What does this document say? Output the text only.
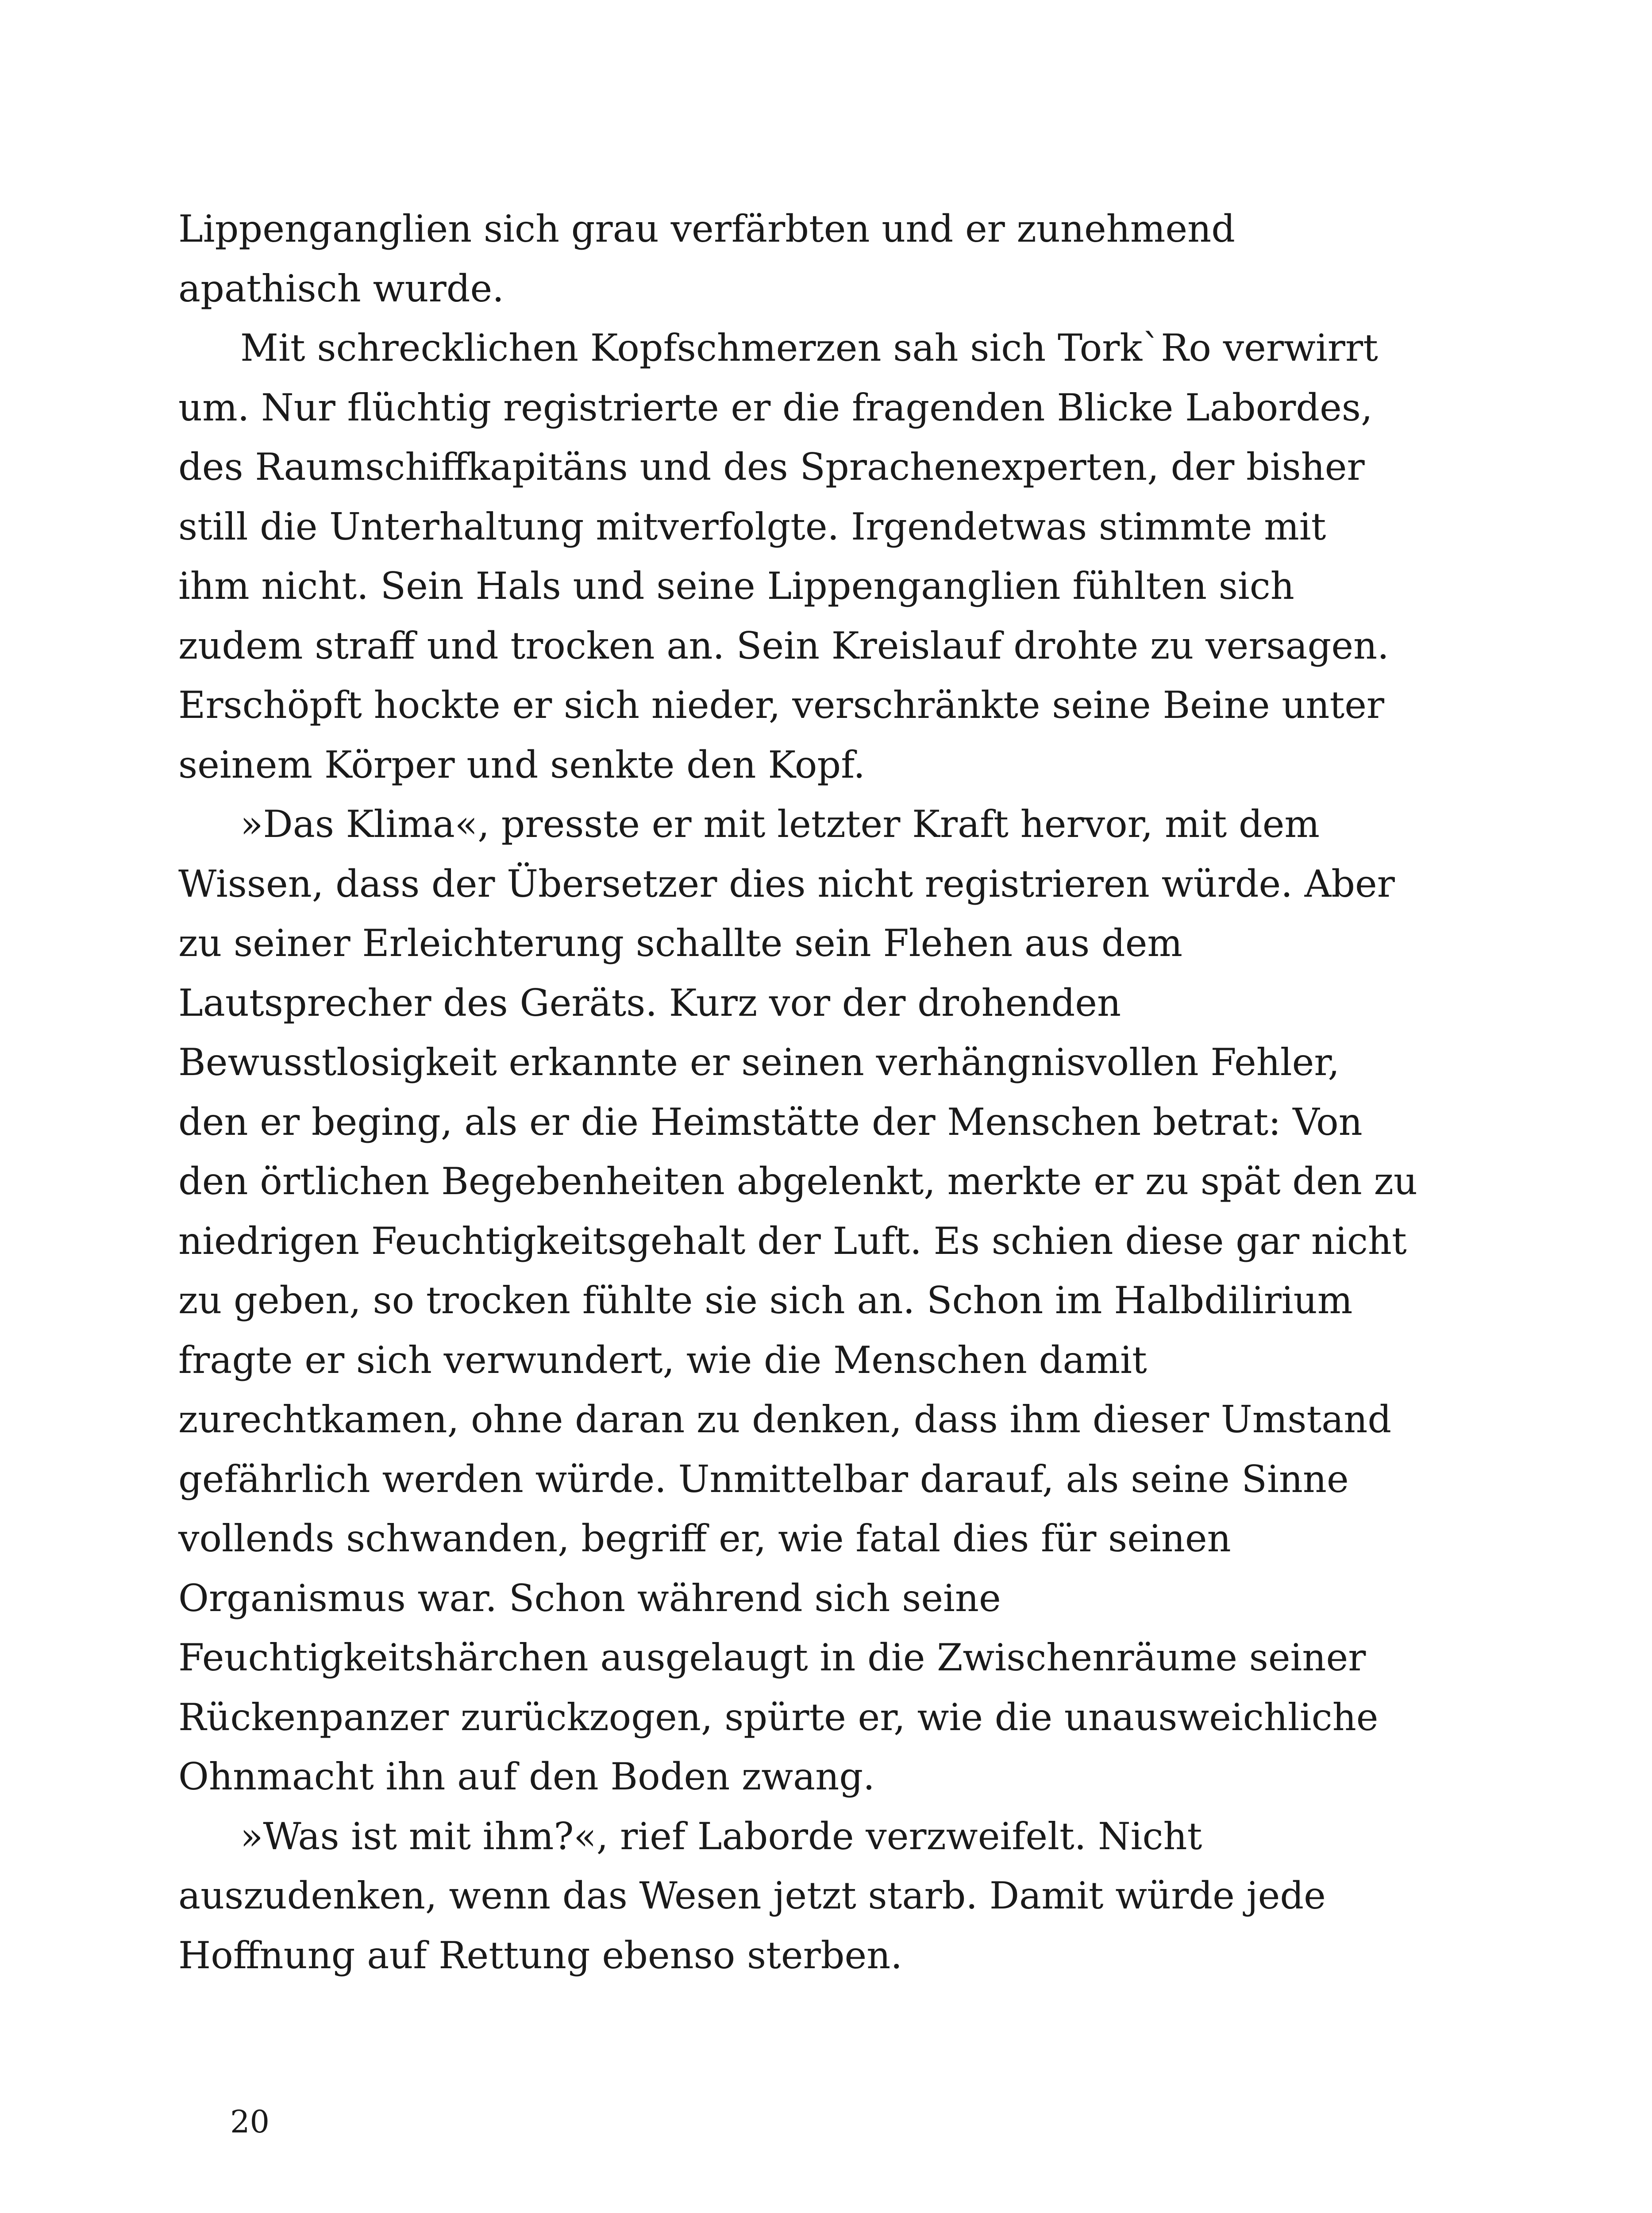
Lippenganglien sich grau verfärbten und er zunehmend
apathisch wurde.
Mit schrecklichen Kopfschmerzen sah sich Tork`Ro verwirrt
um. Nur flüchtig registrierte er die fragenden Blicke Labordes,
des Raumschiffkapitäns und des Sprachenexperten, der bisher
still die Unterhaltung mitverfolgte. Irgendetwas stimmte mit
ihm nicht. Sein Hals und seine Lippenganglien fühlten sich
zudem straff und trocken an. Sein Kreislauf drohte zu versagen.
Erschöpft hockte er sich nieder, verschränkte seine Beine unter
seinem Körper und senkte den Kopf.
»Das Klima«, presste er mit letzter Kraft hervor, mit dem
Wissen, dass der Übersetzer dies nicht registrieren würde. Aber
zu seiner Erleichterung schallte sein Flehen aus dem
Lautsprecher des Geräts. Kurz vor der drohenden
Bewusstlosigkeit erkannte er seinen verhängnisvollen Fehler,
den er beging, als er die Heimstätte der Menschen betrat: Von
den örtlichen Begebenheiten abgelenkt, merkte er zu spät den zu
niedrigen Feuchtigkeitsgehalt der Luft. Es schien diese gar nicht
zu geben, so trocken fühlte sie sich an. Schon im Halbdilirium
fragte er sich verwundert, wie die Menschen damit
zurechtkamen, ohne daran zu denken, dass ihm dieser Umstand
gefährlich werden würde. Unmittelbar darauf, als seine Sinne
vollends schwanden, begriff er, wie fatal dies für seinen
Organismus war. Schon während sich seine
Feuchtigkeitshärchen ausgelaugt in die Zwischenräume seiner
Rückenpanzer zurückzogen, spürte er, wie die unausweichliche
Ohnmacht ihn auf den Boden zwang.
»Was ist mit ihm?«, rief Laborde verzweifelt. Nicht
auszudenken, wenn das Wesen jetzt starb. Damit würde jede
Hoffnung auf Rettung ebenso sterben.
20
